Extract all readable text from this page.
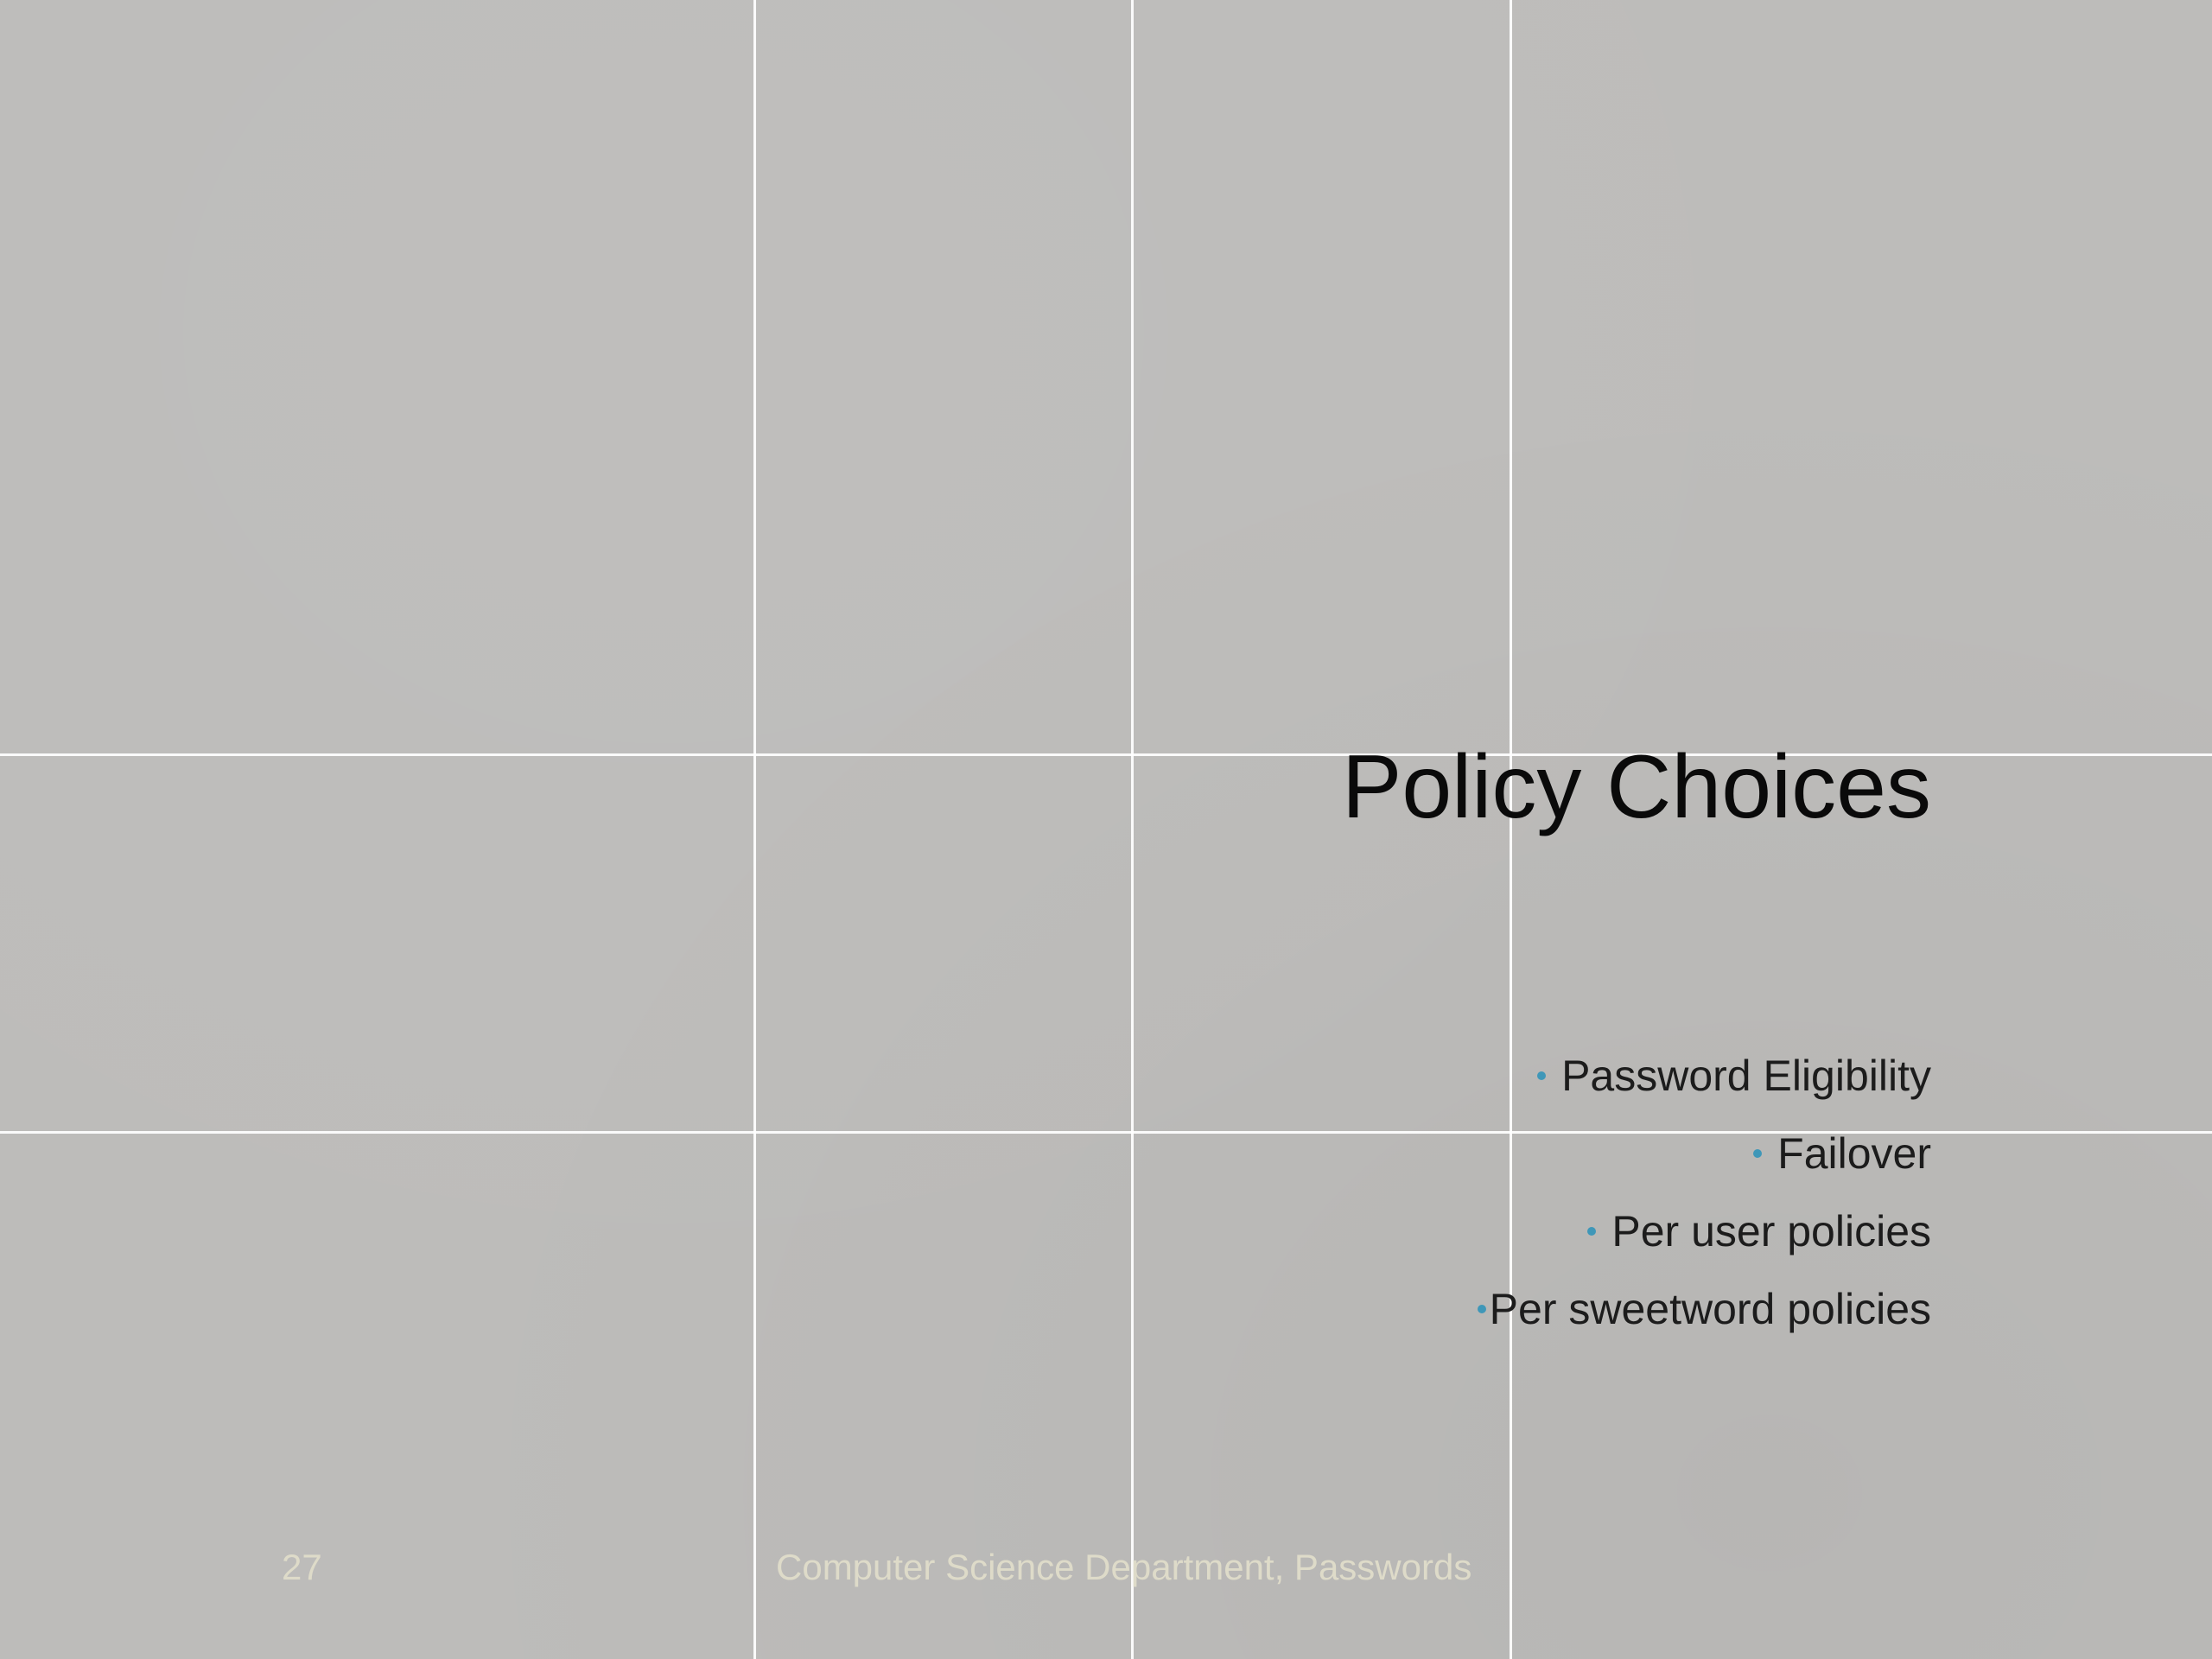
Policy Choices
Password Eligibility
Failover
Per user policies
Per sweetword policies
27	Computer Science Department, Passwords
